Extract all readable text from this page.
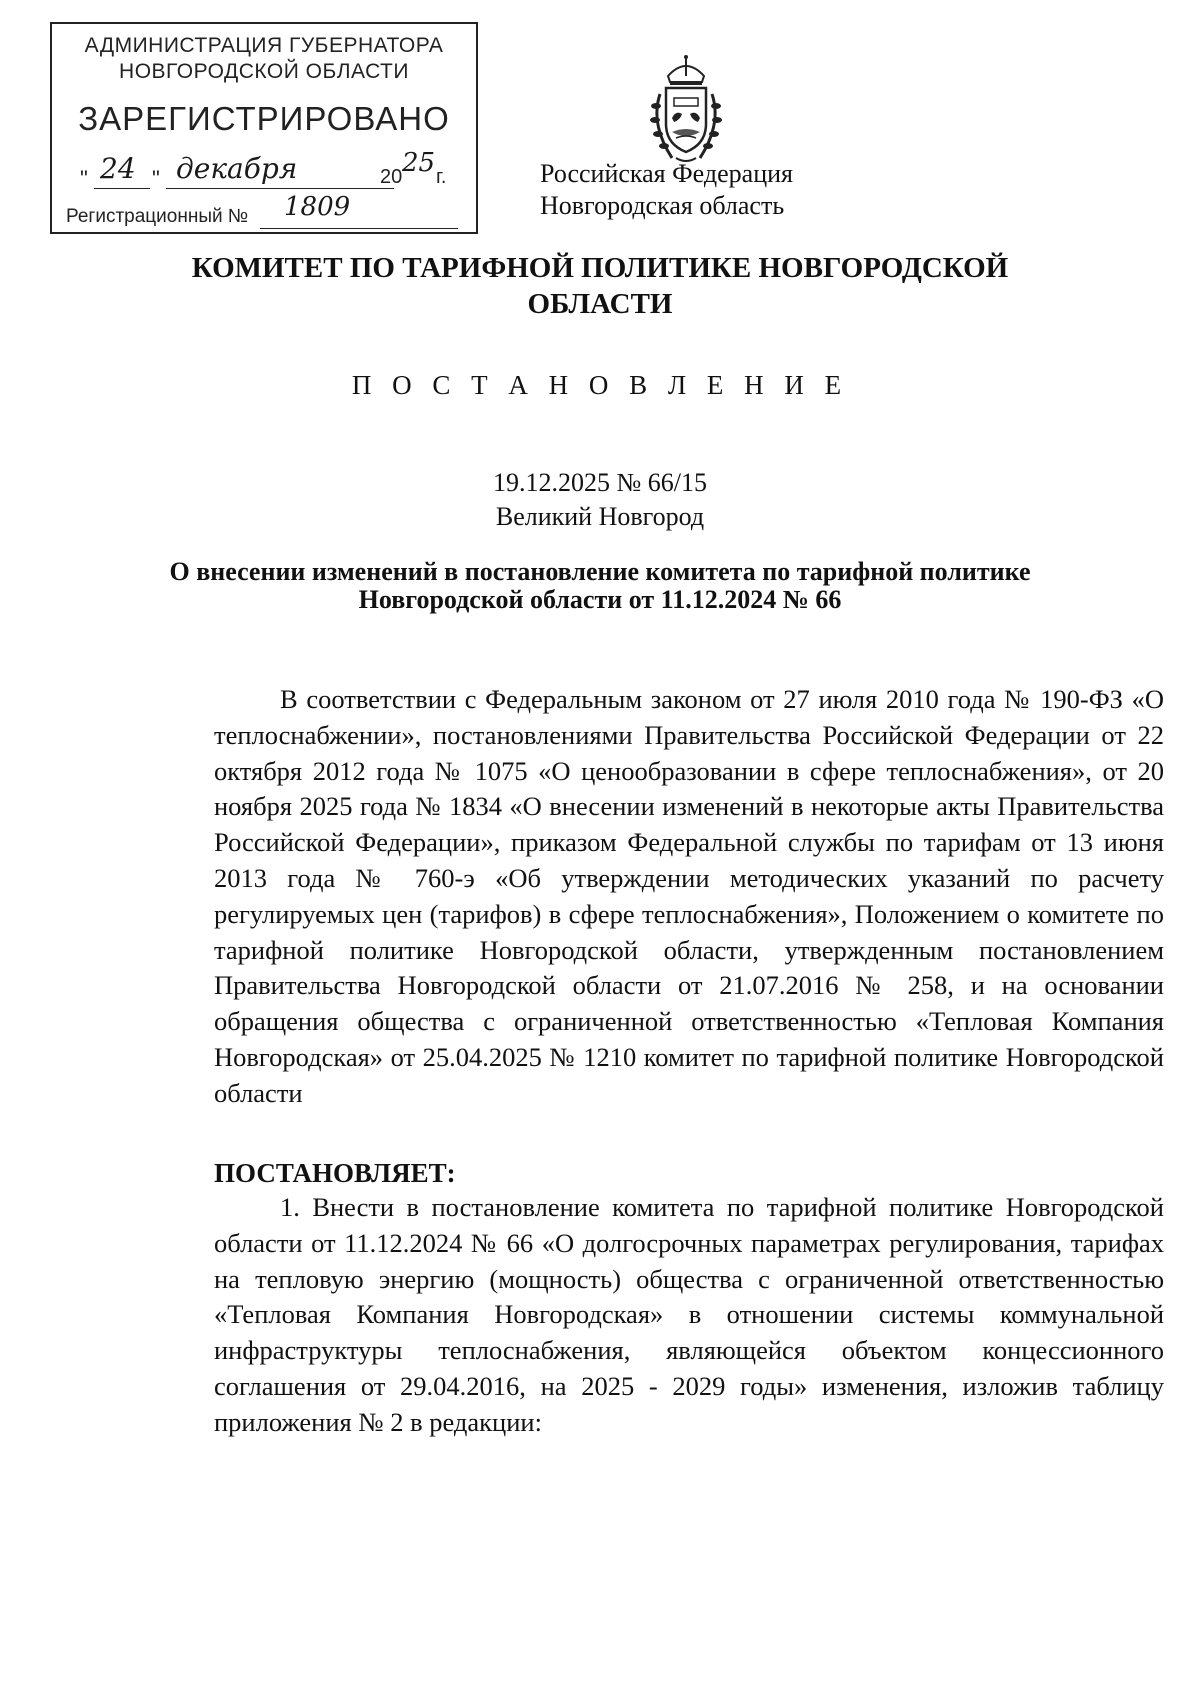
АДМИНИСТРАЦИЯ ГУБЕРНАТОРА
НОВГОРОДСКОЙ ОБЛАСТИ
ЗАРЕГИСТРИРОВАНО
" 24 " декабря	20 25 г.
Регистрационный № 1809
Российская Федерация
Новгородская область
КОМИТЕТ ПО ТАРИФНОЙ ПОЛИТИКЕ НОВГОРОДСКОЙ
ОБЛАСТИ
П О С Т А Н О В Л Е Н И Е
19.12.2025 № 66/15
Великий Новгород
О внесении изменений в постановление комитета по тарифной политике
Новгородской области от 11.12.2024 № 66
В соответствии с Федеральным законом от 27 июля 2010 года № 190-ФЗ «О теплоснабжении», постановлениями Правительства Российской Федерации от 22 октября 2012 года № 1075 «О ценообразовании в сфере теплоснабжения», от 20 ноября 2025 года № 1834 «О внесении изменений в некоторые акты Правительства Российской Федерации», приказом Федеральной службы по тарифам от 13 июня 2013 года № 760-э «Об утверждении методических указаний по расчету регулируемых цен (тарифов) в сфере теплоснабжения», Положением о комитете по тарифной политике Новгородской области, утвержденным постановлением Правительства Новгородской области от 21.07.2016 № 258, и на основании обращения общества с ограниченной ответственностью «Тепловая Компания Новгородская» от 25.04.2025 № 1210 комитет по тарифной политике Новгородской области
ПОСТАНОВЛЯЕТ:
1. Внести в постановление комитета по тарифной политике Новгородской области от 11.12.2024 № 66 «О долгосрочных параметрах регулирования, тарифах на тепловую энергию (мощность) общества с ограниченной ответственностью «Тепловая Компания Новгородская» в отношении системы коммунальной инфраструктуры теплоснабжения, являющейся объектом концессионного соглашения от 29.04.2016, на 2025 - 2029 годы» изменения, изложив таблицу приложения № 2 в редакции:
